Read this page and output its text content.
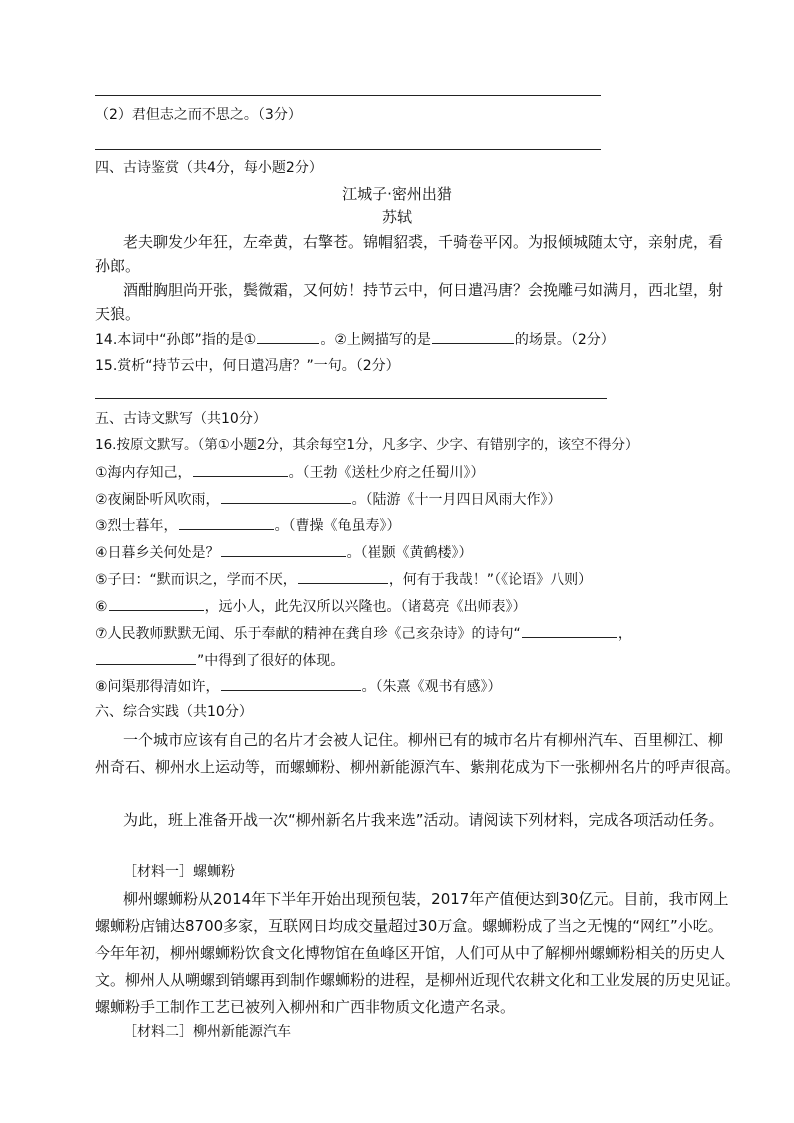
（2）君但志之而不思之。（3分）
四、古诗鉴赏（共4分，每小题2分）
江城子·密州出猎
苏轼
老夫聊发少年狂，左牵黄，右擎苍。锦帽貂裘，千骑卷平冈。为报倾城随太守，亲射虎，看
孙郎。
酒酣胸胆尚开张，鬓微霜，又何妨！持节云中，何日遣冯唐？会挽雕弓如满月，西北望，射
天狼。
14.本词中“孙郎”指的是①	。②上阙描写的是	的场景。（2分）
15.赏析“持节云中，何日遣冯唐？”一句。（2分）
五、古诗文默写（共10分）
16.按原文默写。（第①小题2分，其余每空1分，凡多字、少字、有错别字的，该空不得分）
①海内存知己，	。（王勃《送杜少府之任蜀川》）
②夜阑卧听风吹雨，	。（陆游《十一月四日风雨大作》）
③烈士暮年，	。（曹操《龟虽寿》）
④日暮乡关何处是？	。（崔颢《黄鹤楼》）
⑤子曰：“默而识之，学而不厌，	，何有于我哉！”（《论语》八则）
⑥	，远小人，此先汉所以兴隆也。（诸葛亮《出师表》）
⑦人民教师默默无闻、乐于奉献的精神在龚自珍《己亥杂诗》的诗句“	，
”中得到了很好的体现。
⑧问渠那得清如许，	。（朱熹《观书有感》）
六、综合实践（共10分）
一个城市应该有自己的名片才会被人记住。柳州已有的城市名片有柳州汽车、百里柳江、柳
州奇石、柳州水上运动等，而螺蛳粉、柳州新能源汽车、紫荆花成为下一张柳州名片的呼声很高。
为此，班上准备开战一次“柳州新名片我来选”活动。请阅读下列材料，完成各项活动任务。
［材料一］螺蛳粉
柳州螺蛳粉从2014年下半年开始出现预包装，2017年产值便达到30亿元。目前，我市网上
螺蛳粉店铺达8700多家，互联网日均成交量超过30万盒。螺蛳粉成了当之无愧的“网红”小吃。
今年年初，柳州螺蛳粉饮食文化博物馆在鱼峰区开馆，人们可从中了解柳州螺蛳粉相关的历史人
文。柳州人从嗍螺到销螺再到制作螺蛳粉的进程，是柳州近现代农耕文化和工业发展的历史见证。
螺蛳粉手工制作工艺已被列入柳州和广西非物质文化遗产名录。
［材料二］柳州新能源汽车
